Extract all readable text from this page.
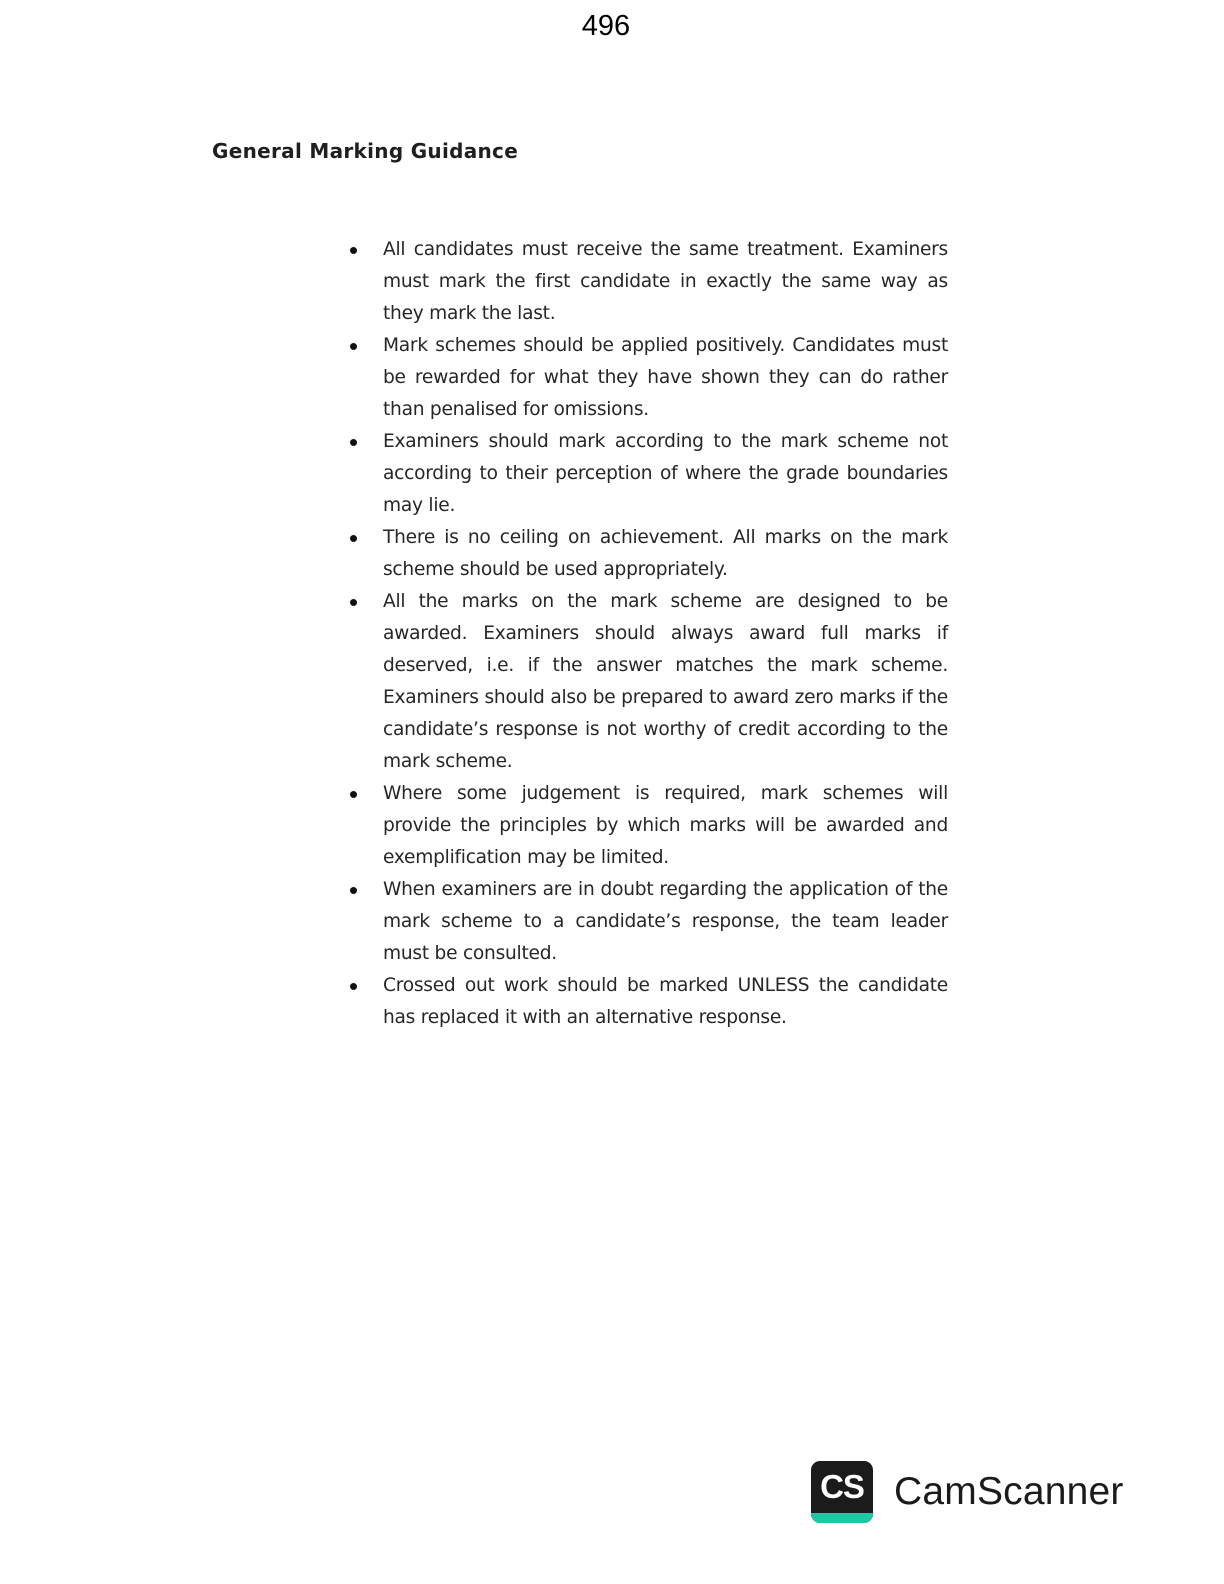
496
General Marking Guidance
All candidates must receive the same treatment. Examiners must mark the first candidate in exactly the same way as they mark the last.
Mark schemes should be applied positively. Candidates must be rewarded for what they have shown they can do rather than penalised for omissions.
Examiners should mark according to the mark scheme not according to their perception of where the grade boundaries may lie.
There is no ceiling on achievement. All marks on the mark scheme should be used appropriately.
All the marks on the mark scheme are designed to be awarded. Examiners should always award full marks if deserved, i.e. if the answer matches the mark scheme. Examiners should also be prepared to award zero marks if the candidate’s response is not worthy of credit according to the mark scheme.
Where some judgement is required, mark schemes will provide the principles by which marks will be awarded and exemplification may be limited.
When examiners are in doubt regarding the application of the mark scheme to a candidate’s response, the team leader must be consulted.
Crossed out work should be marked UNLESS the candidate has replaced it with an alternative response.
CS CamScanner
